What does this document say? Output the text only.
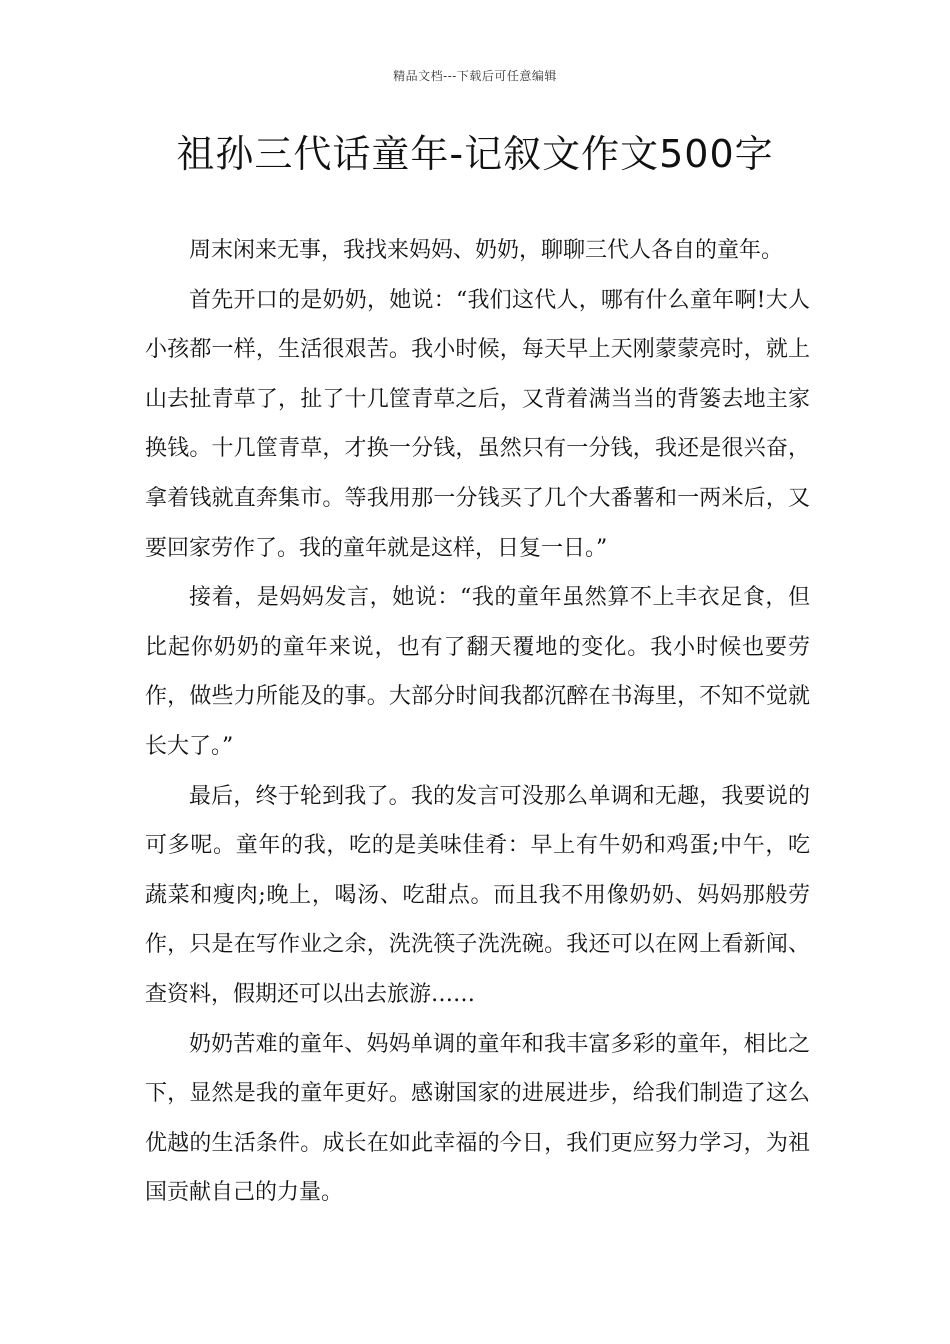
精品文档---下载后可任意编辑
祖孙三代话童年-记叙文作文500字

周末闲来无事，我找来妈妈、奶奶，聊聊三代人各自的童年。

首先开口的是奶奶，她说：“我们这代人，哪有什么童年啊!大人小孩都一样，生活很艰苦。我小时候，每天早上天刚蒙蒙亮时，就上山去扯青草了，扯了十几筐青草之后，又背着满当当的背篓去地主家换钱。十几筐青草，才换一分钱，虽然只有一分钱，我还是很兴奋，拿着钱就直奔集市。等我用那一分钱买了几个大番薯和一两米后，又要回家劳作了。我的童年就是这样，日复一日。”

接着，是妈妈发言，她说：“我的童年虽然算不上丰衣足食，但比起你奶奶的童年来说，也有了翻天覆地的变化。我小时候也要劳作，做些力所能及的事。大部分时间我都沉醉在书海里，不知不觉就长大了。”

最后，终于轮到我了。我的发言可没那么单调和无趣，我要说的可多呢。童年的我，吃的是美味佳肴：早上有牛奶和鸡蛋;中午，吃蔬菜和瘦肉;晚上，喝汤、吃甜点。而且我不用像奶奶、妈妈那般劳作，只是在写作业之余，洗洗筷子洗洗碗。我还可以在网上看新闻、查资料，假期还可以出去旅游……

奶奶苦难的童年、妈妈单调的童年和我丰富多彩的童年，相比之下，显然是我的童年更好。感谢国家的进展进步，给我们制造了这么优越的生活条件。成长在如此幸福的今日，我们更应努力学习，为祖国贡献自己的力量。
